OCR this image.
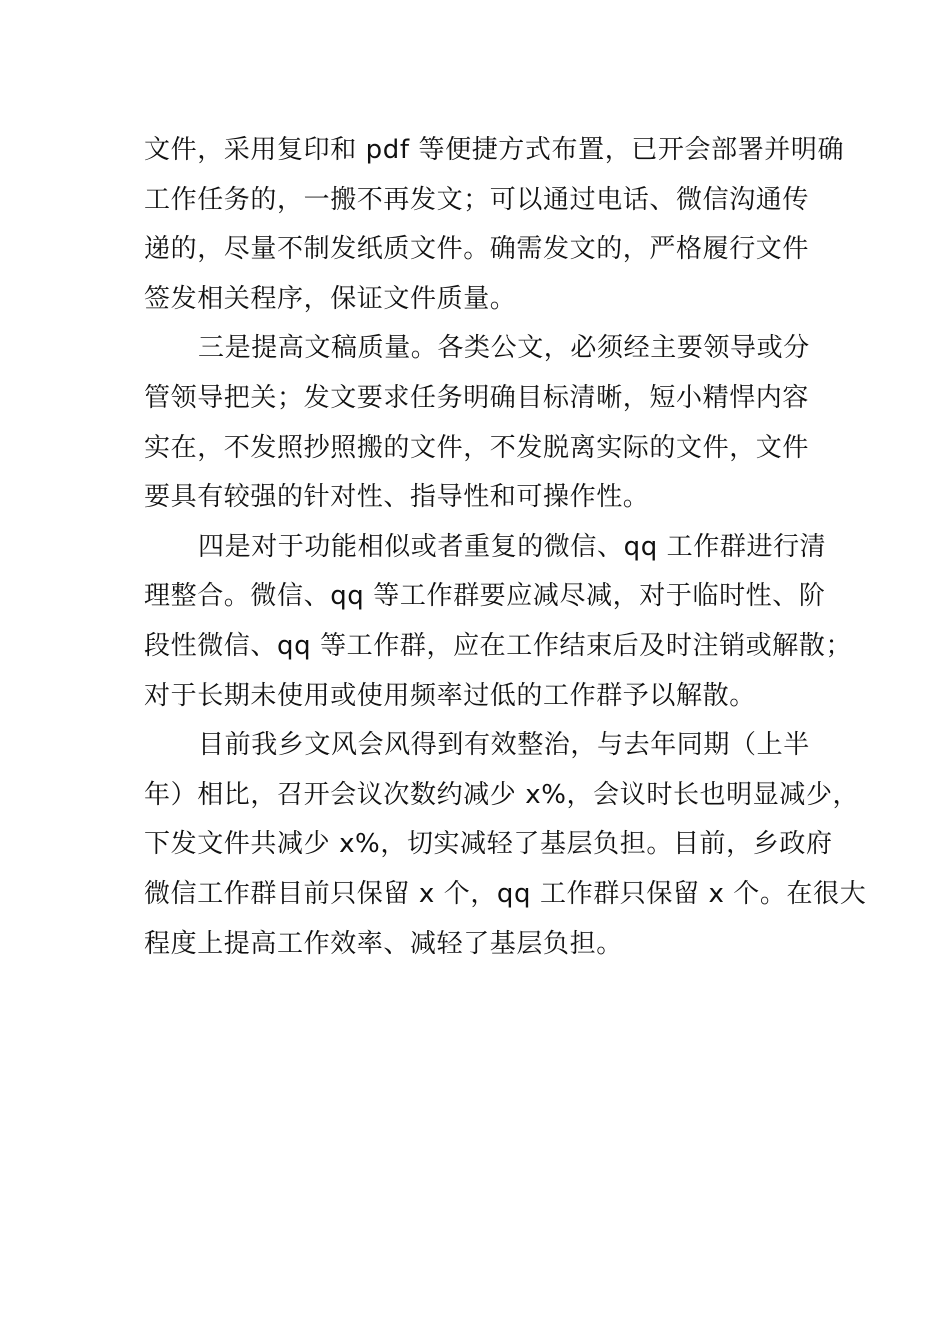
文件，采用复印和 pdf 等便捷方式布置，已开会部署并明确
工作任务的，一搬不再发文；可以通过电话、微信沟通传
递的，尽量不制发纸质文件。确需发文的，严格履行文件
签发相关程序，保证文件质量。
三是提高文稿质量。各类公文，必须经主要领导或分
管领导把关；发文要求任务明确目标清晰，短小精悍内容
实在，不发照抄照搬的文件，不发脱离实际的文件，文件
要具有较强的针对性、指导性和可操作性。
四是对于功能相似或者重复的微信、qq 工作群进行清
理整合。微信、qq 等工作群要应减尽减，对于临时性、阶
段性微信、qq 等工作群，应在工作结束后及时注销或解散；
对于长期未使用或使用频率过低的工作群予以解散。
目前我乡文风会风得到有效整治，与去年同期（上半
年）相比，召开会议次数约减少 x%，会议时长也明显减少，
下发文件共减少 x%，切实减轻了基层负担。目前，乡政府
微信工作群目前只保留 x 个，qq 工作群只保留 x 个。在很大
程度上提高工作效率、减轻了基层负担。
